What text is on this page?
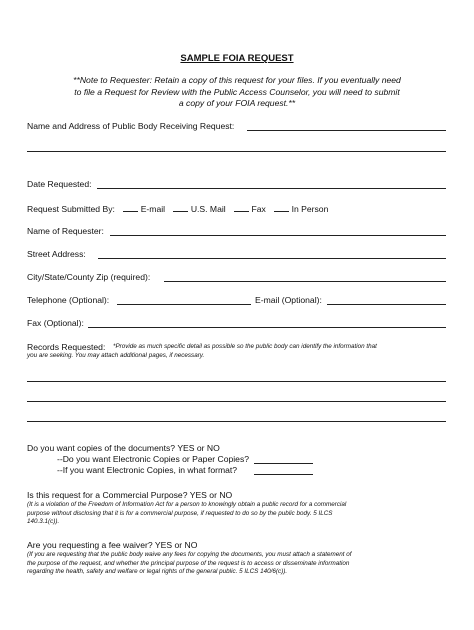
SAMPLE FOIA REQUEST
**Note to Requester: Retain a copy of this request for your files. If you eventually need
to file a Request for Review with the Public Access Counselor, you will need to submit
a copy of your FOIA request.**
Name and Address of Public Body Receiving Request:
Date Requested:
Request Submitted By:	E-mail	U.S. Mail	Fax	In Person
Name of Requester:
Street Address:
City/State/County Zip (required):
Telephone (Optional):	E-mail (Optional):
Fax (Optional):
Records Requested: *Provide as much specific detail as possible so the public body can identify the information that
you are seeking. You may attach additional pages, if necessary.
Do you want copies of the documents? YES or NO
--Do you want Electronic Copies or Paper Copies?
--If you want Electronic Copies, in what format?
Is this request for a Commercial Purpose? YES or NO
(It is a violation of the Freedom of Information Act for a person to knowingly obtain a public record for a commercial
purpose without disclosing that it is for a commercial purpose, if requested to do so by the public body. 5 ILCS
140.3.1(c)).
Are you requesting a fee waiver? YES or NO
(If you are requesting that the public body waive any fees for copying the documents, you must attach a statement of
the purpose of the request, and whether the principal purpose of the request is to access or disseminate information
regarding the health, safety and welfare or legal rights of the general public. 5 ILCS 140/6(c)).
